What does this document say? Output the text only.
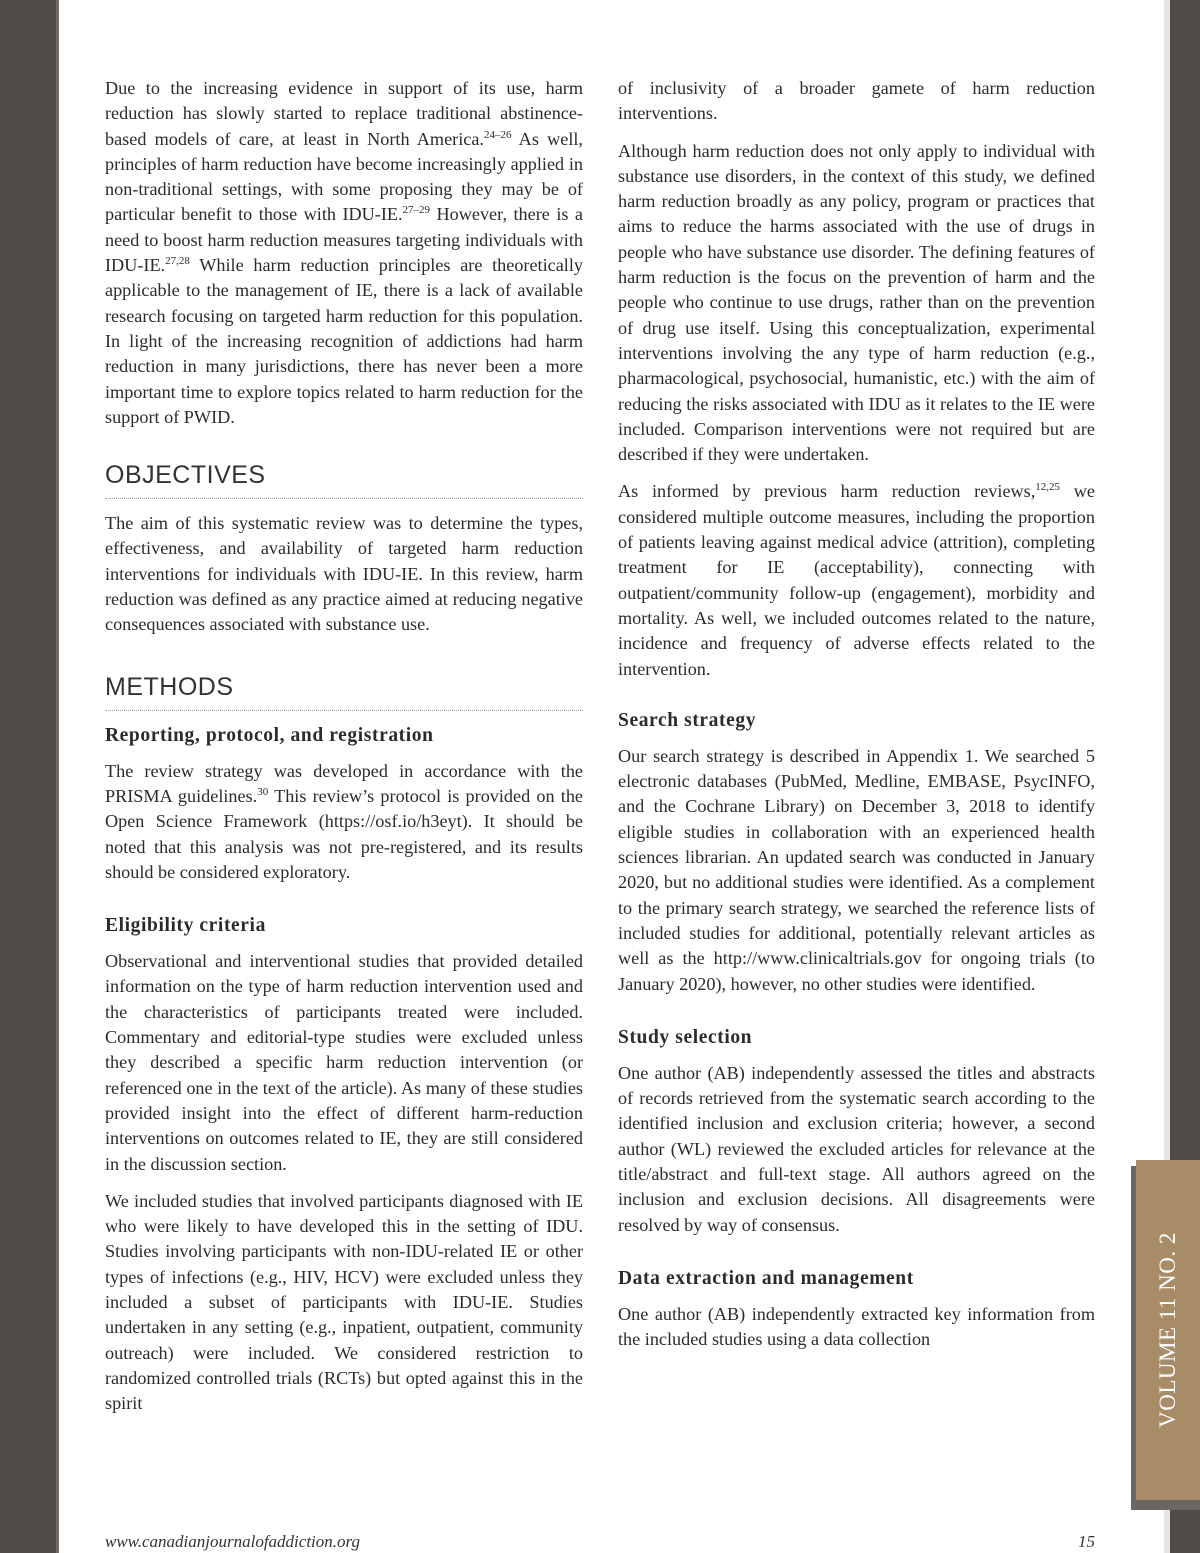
VOLUME 11 NO. 2

Due to the increasing evidence in support of its use, harm reduction has slowly started to replace traditional abstinence-based models of care, at least in North America.$^{24-26}$ As well, principles of harm reduction have become increasingly applied in non-traditional settings, with some proposing they may be of particular benefit to those with IDU-IE.$^{27-29}$ However, there is a need to boost harm reduction measures targeting individuals with IDU-IE.$^{27,28}$ While harm reduction principles are theoretically applicable to the management of IE, there is a lack of available research focusing on targeted harm reduction for this population. In light of the increasing recognition of addictions had harm reduction in many jurisdictions, there has never been a more important time to explore topics related to harm reduction for the support of PWID.

OBJECTIVES

The aim of this systematic review was to determine the types, effectiveness, and availability of targeted harm reduction interventions for individuals with IDU-IE. In this review, harm reduction was defined as any practice aimed at reducing negative consequences associated with substance use.

METHODS
Reporting, protocol, and registration

The review strategy was developed in accordance with the PRISMA guidelines.$^{30}$ This review’s protocol is provided on the Open Science Framework (https://osf.io/h3eyt). It should be noted that this analysis was not pre-registered, and its results should be considered exploratory.

Eligibility criteria

Observational and interventional studies that provided detailed information on the type of harm reduction intervention used and the characteristics of participants treated were included. Commentary and editorial-type studies were excluded unless they described a specific harm reduction intervention (or referenced one in the text of the article). As many of these studies provided insight into the effect of different harm-reduction interventions on outcomes related to IE, they are still considered in the discussion section.

We included studies that involved participants diagnosed with IE who were likely to have developed this in the setting of IDU. Studies involving participants with non-IDU-related IE or other types of infections (e.g., HIV, HCV) were excluded unless they included a subset of participants with IDU-IE. Studies undertaken in any setting (e.g., inpatient, outpatient, community outreach) were included. We considered restriction to randomized controlled trials (RCTs) but opted against this in the spirit

of inclusivity of a broader gamete of harm reduction interventions.

Although harm reduction does not only apply to individual with substance use disorders, in the context of this study, we defined harm reduction broadly as any policy, program or practices that aims to reduce the harms associated with the use of drugs in people who have substance use disorder. The defining features of harm reduction is the focus on the prevention of harm and the people who continue to use drugs, rather than on the prevention of drug use itself. Using this conceptualization, experimental interventions involving the any type of harm reduction (e.g., pharmacological, psychosocial, humanistic, etc.) with the aim of reducing the risks associated with IDU as it relates to the IE were included. Comparison interventions were not required but are described if they were undertaken.

As informed by previous harm reduction reviews,$^{12,25}$ we considered multiple outcome measures, including the proportion of patients leaving against medical advice (attrition), completing treatment for IE (acceptability), connecting with outpatient/community follow-up (engagement), morbidity and mortality. As well, we included outcomes related to the nature, incidence and frequency of adverse effects related to the intervention.

Search strategy

Our search strategy is described in Appendix 1. We searched 5 electronic databases (PubMed, Medline, EMBASE, PsycINFO, and the Cochrane Library) on December 3, 2018 to identify eligible studies in collaboration with an experienced health sciences librarian. An updated search was conducted in January 2020, but no additional studies were identified. As a complement to the primary search strategy, we searched the reference lists of included studies for additional, potentially relevant articles as well as the http://www.clinicaltrials.gov for ongoing trials (to January 2020), however, no other studies were identified.

Study selection

One author (AB) independently assessed the titles and abstracts of records retrieved from the systematic search according to the identified inclusion and exclusion criteria; however, a second author (WL) reviewed the excluded articles for relevance at the title/abstract and full-text stage. All authors agreed on the inclusion and exclusion decisions. All disagreements were resolved by way of consensus.

Data extraction and management

One author (AB) independently extracted key information from the included studies using a data collection

www.canadianjournalofaddiction.org	15
